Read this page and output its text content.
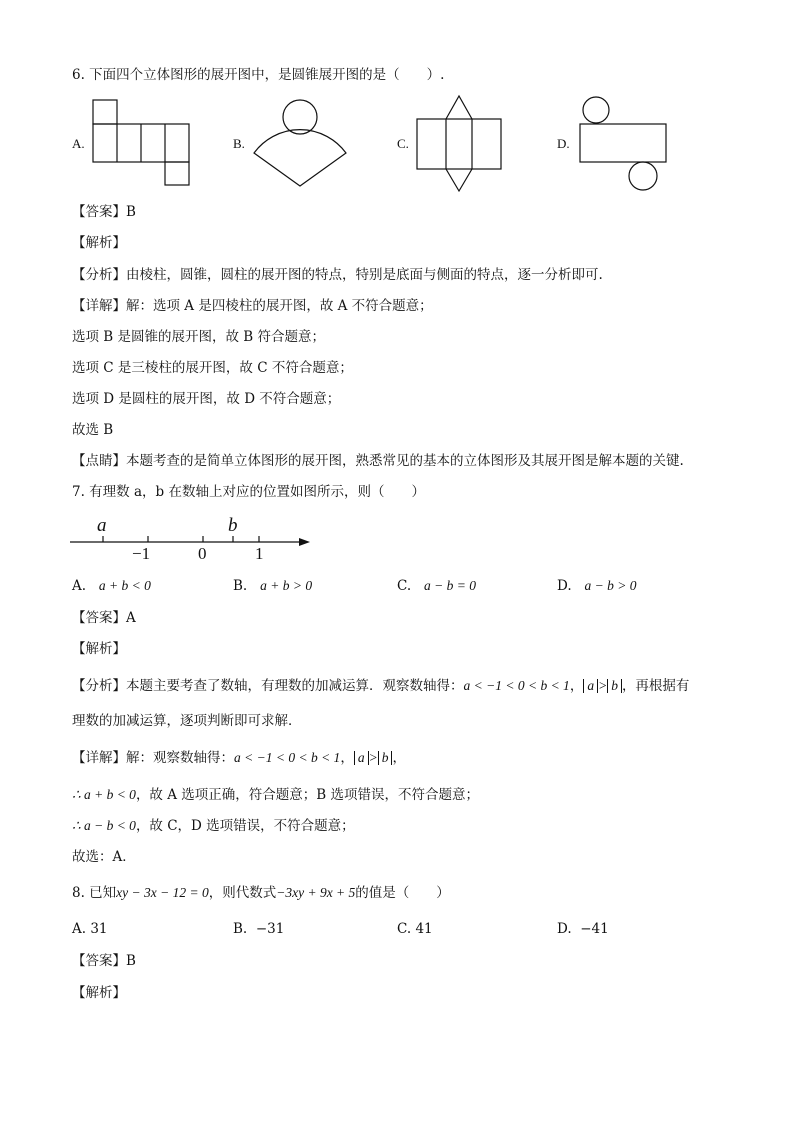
6. 下面四个立体图形的展开图中，是圆锥展开图的是（　　）.
A.	B.	C.	D.
【答案】B
【解析】
【分析】由棱柱，圆锥，圆柱的展开图的特点，特别是底面与侧面的特点，逐一分析即可.
【详解】解：选项 A 是四棱柱的展开图，故 A 不符合题意；
选项 B 是圆锥的展开图，故 B 符合题意；
选项 C 是三棱柱的展开图，故 C 不符合题意；
选项 D 是圆柱的展开图，故 D 不符合题意；
故选 B
【点睛】本题考查的是简单立体图形的展开图，熟悉常见的基本的立体图形及其展开图是解本题的关键.
7. 有理数 a，b 在数轴上对应的位置如图所示，则（　　）
a	b
−1	0	1
A. a + b < 0	B. a + b > 0	C. a − b = 0	D. a − b > 0
【答案】A
【解析】
【分析】本题主要考查了数轴，有理数的加减运算．观察数轴得：a < −1 < 0 < b < 1， a > b ，再根据有
理数的加减运算，逐项判断即可求解．
【详解】解：观察数轴得：a < −1 < 0 < b < 1， a > b ，
∴ a + b < 0，故 A 选项正确，符合题意；B 选项错误，不符合题意；
∴ a − b < 0，故 C，D 选项错误，不符合题意；
故选：A．
8. 已知xy − 3x − 12 = 0，则代数式−3xy + 9x + 5的值是（　　）
A. 31	B. −31	C. 41	D. −41
【答案】B
【解析】
